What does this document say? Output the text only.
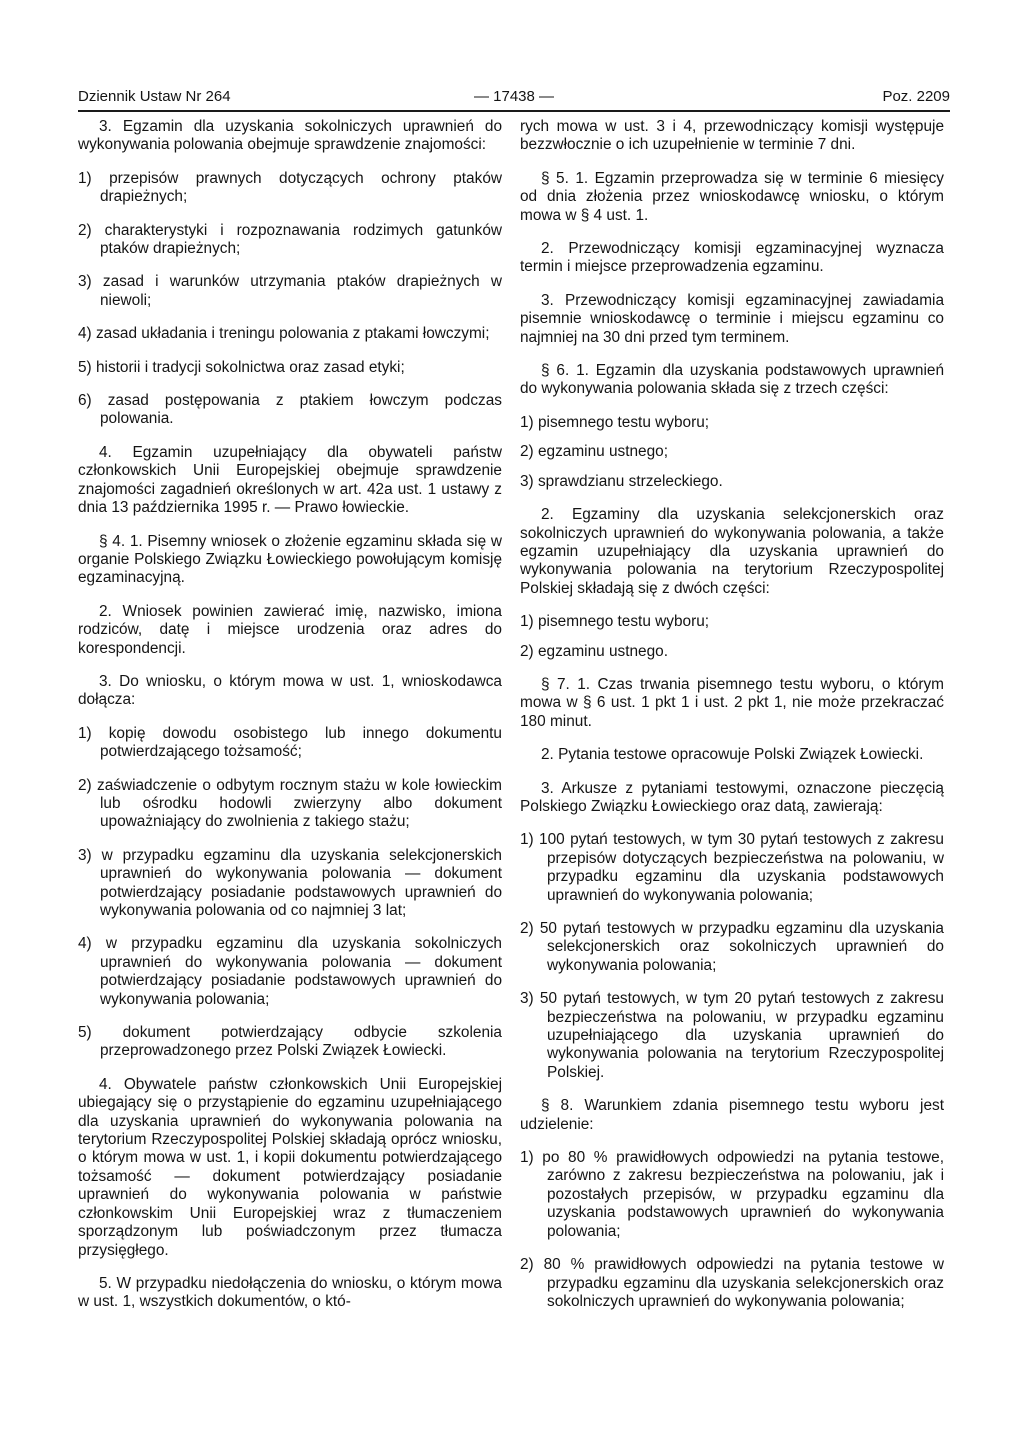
Dziennik Ustaw Nr 264	— 17438 —	Poz. 2209

3. Egzamin dla uzyskania sokolniczych uprawnień do wykonywania polowania obejmuje sprawdzenie znajomości:

1) przepisów prawnych dotyczących ochrony ptaków drapieżnych;

2) charakterystyki i rozpoznawania rodzimych gatunków ptaków drapieżnych;

3) zasad i warunków utrzymania ptaków drapieżnych w niewoli;

4) zasad układania i treningu polowania z ptakami łowczymi;

5) historii i tradycji sokolnictwa oraz zasad etyki;

6) zasad postępowania z ptakiem łowczym podczas polowania.

4. Egzamin uzupełniający dla obywateli państw członkowskich Unii Europejskiej obejmuje sprawdzenie znajomości zagadnień określonych w art. 42a ust. 1 ustawy z dnia 13 października 1995 r. — Prawo łowieckie.

§ 4. 1. Pisemny wniosek o złożenie egzaminu składa się w organie Polskiego Związku Łowieckiego powołującym komisję egzaminacyjną.

2. Wniosek powinien zawierać imię, nazwisko, imiona rodziców, datę i miejsce urodzenia oraz adres do korespondencji.

3. Do wniosku, o którym mowa w ust. 1, wnioskodawca dołącza:

1) kopię dowodu osobistego lub innego dokumentu potwierdzającego tożsamość;

2) zaświadczenie o odbytym rocznym stażu w kole łowieckim lub ośrodku hodowli zwierzyny albo dokument upoważniający do zwolnienia z takiego stażu;

3) w przypadku egzaminu dla uzyskania selekcjonerskich uprawnień do wykonywania polowania — dokument potwierdzający posiadanie podstawowych uprawnień do wykonywania polowania od co najmniej 3 lat;

4) w przypadku egzaminu dla uzyskania sokolniczych uprawnień do wykonywania polowania — dokument potwierdzający posiadanie podstawowych uprawnień do wykonywania polowania;

5) dokument potwierdzający odbycie szkolenia przeprowadzonego przez Polski Związek Łowiecki.

4. Obywatele państw członkowskich Unii Europejskiej ubiegający się o przystąpienie do egzaminu uzupełniającego dla uzyskania uprawnień do wykonywania polowania na terytorium Rzeczypospolitej Polskiej składają oprócz wniosku, o którym mowa w ust. 1, i kopii dokumentu potwierdzającego tożsamość — dokument potwierdzający posiadanie uprawnień do wykonywania polowania w państwie członkowskim Unii Europejskiej wraz z tłumaczeniem sporządzonym lub poświadczonym przez tłumacza przysięgłego.

5. W przypadku niedołączenia do wniosku, o którym mowa w ust. 1, wszystkich dokumentów, o któ-

rych mowa w ust. 3 i 4, przewodniczący komisji występuje bezzwłocznie o ich uzupełnienie w terminie 7 dni.

§ 5. 1. Egzamin przeprowadza się w terminie 6 miesięcy od dnia złożenia przez wnioskodawcę wniosku, o którym mowa w § 4 ust. 1.

2. Przewodniczący komisji egzaminacyjnej wyznacza termin i miejsce przeprowadzenia egzaminu.

3. Przewodniczący komisji egzaminacyjnej zawiadamia pisemnie wnioskodawcę o terminie i miejscu egzaminu co najmniej na 30 dni przed tym terminem.

§ 6. 1. Egzamin dla uzyskania podstawowych uprawnień do wykonywania polowania składa się z trzech części:

1) pisemnego testu wyboru;

2) egzaminu ustnego;

3) sprawdzianu strzeleckiego.

2. Egzaminy dla uzyskania selekcjonerskich oraz sokolniczych uprawnień do wykonywania polowania, a także egzamin uzupełniający dla uzyskania uprawnień do wykonywania polowania na terytorium Rzeczypospolitej Polskiej składają się z dwóch części:

1) pisemnego testu wyboru;

2) egzaminu ustnego.

§ 7. 1. Czas trwania pisemnego testu wyboru, o którym mowa w § 6 ust. 1 pkt 1 i ust. 2 pkt 1, nie może przekraczać 180 minut.

2. Pytania testowe opracowuje Polski Związek Łowiecki.

3. Arkusze z pytaniami testowymi, oznaczone pieczęcią Polskiego Związku Łowieckiego oraz datą, zawierają:

1) 100 pytań testowych, w tym 30 pytań testowych z zakresu przepisów dotyczących bezpieczeństwa na polowaniu, w przypadku egzaminu dla uzyskania podstawowych uprawnień do wykonywania polowania;

2) 50 pytań testowych w przypadku egzaminu dla uzyskania selekcjonerskich oraz sokolniczych uprawnień do wykonywania polowania;

3) 50 pytań testowych, w tym 20 pytań testowych z zakresu bezpieczeństwa na polowaniu, w przypadku egzaminu uzupełniającego dla uzyskania uprawnień do wykonywania polowania na terytorium Rzeczypospolitej Polskiej.

§ 8. Warunkiem zdania pisemnego testu wyboru jest udzielenie:

1) po 80 % prawidłowych odpowiedzi na pytania testowe, zarówno z zakresu bezpieczeństwa na polowaniu, jak i pozostałych przepisów, w przypadku egzaminu dla uzyskania podstawowych uprawnień do wykonywania polowania;

2) 80 % prawidłowych odpowiedzi na pytania testowe w przypadku egzaminu dla uzyskania selekcjonerskich oraz sokolniczych uprawnień do wykonywania polowania;
